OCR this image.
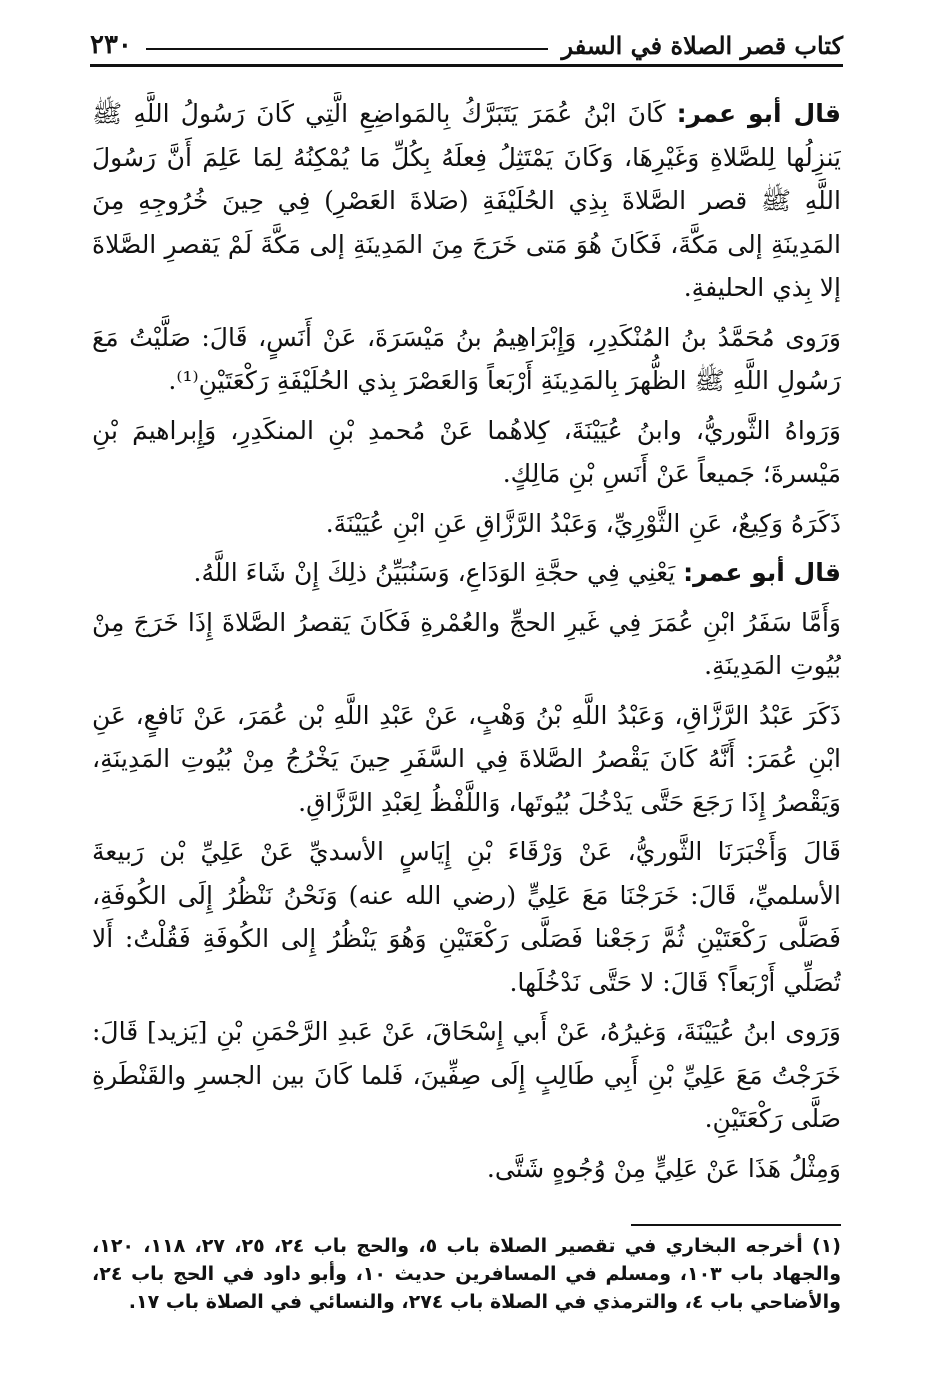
كتاب قصر الصلاة في السفر
٢٣٠

قال أبو عمر: كَانَ ابْنُ عُمَرَ يَتَبَرَّكُ بِالمَواضِعِ الَّتِي كَانَ رَسُولُ اللَّهِ ﷺ يَنزِلُها لِلصَّلاةِ وَغَيْرِهَا، وَكَانَ يَمْتَثِلُ فِعلَهُ بِكُلِّ مَا يُمْكِنُهُ لِمَا عَلِمَ أَنَّ رَسُولَ اللَّهِ ﷺ قصر الصَّلاةَ بِذِي الحُلَيْفَةِ (صَلاةَ العَصْرِ) فِي حِينَ خُرُوجِهِ مِنَ المَدِينَةِ إلى مَكَّةَ، فَكَانَ هُوَ مَتى خَرَجَ مِنَ المَدِينَةِ إلى مَكَّةَ لَمْ يَقصرِ الصَّلاةَ إلا بِذي الحليفةِ.

وَرَوى مُحَمَّدُ بنُ المُنْكَدِرِ، وَإِبْرَاهِيمُ بنُ مَيْسَرَةَ، عَنْ أَنَسٍ، قَالَ: صَلَّيْتُ مَعَ رَسُولِ اللَّهِ ﷺ الظُّهرَ بِالمَدِينَةِ أَرْبَعاً وَالعَصْرَ بِذي الحُلَيْفَةِ رَكْعَتَيْنِ⁽¹⁾.

وَرَواهُ الثَّوريُّ، وابنُ عُيَيْنَةَ، كِلاهُما عَنْ مُحمدِ بْنِ المنكَدِرِ، وَإِبراهيمَ بْنِ مَيْسرةَ؛ جَميعاً عَنْ أَنَسِ بْنِ مَالِكٍ.

ذَكَرَهُ وَكِيعٌ، عَنِ الثَّوْرِيِّ، وَعَبْدُ الرَّزَّاقِ عَنِ ابْنِ عُيَيْنَةَ.

قال أبو عمر: يَعْنِي فِي حجَّةِ الوَدَاعِ، وَسَنُبَيِّنُ ذلِكَ إِنْ شَاءَ اللَّهُ.

وَأَمَّا سَفَرُ ابْنِ عُمَرَ فِي غَيرِ الحجِّ والعُمْرةِ فَكَانَ يَقصرُ الصَّلاةَ إِذَا خَرَجَ مِنْ بُيُوتِ المَدِينَةِ.

ذَكَرَ عَبْدُ الرَّزَّاقِ، وَعَبْدُ اللَّهِ بْنُ وَهْبٍ، عَنْ عَبْدِ اللَّهِ بْن عُمَرَ، عَنْ نَافعٍ، عَنِ ابْنِ عُمَرَ: أَنَّهُ كَانَ يَقْصرُ الصَّلاةَ فِي السَّفَرِ حِينَ يَخْرُجُ مِنْ بُيُوتِ المَدِينَةِ، وَيَقْصرُ إِذَا رَجَعَ حَتَّى يَدْخُلَ بُيُوتَها، وَاللَّفْظُ لِعَبْدِ الرَّزَّاقِ.

قَالَ وَأَخْبَرَنَا الثَّوريُّ، عَنْ وَرْقَاءَ بْنِ إِيَاسٍ الأسديِّ عَنْ عَلِيِّ بْن رَبيعةَ الأسلميِّ، قَالَ: خَرَجْنَا مَعَ عَلِيٍّ (رضي الله عنه) وَنَحْنُ نَنْظُرُ إِلَى الكُوفَةِ، فَصَلَّى رَكْعَتَيْنِ ثُمَّ رَجَعْنا فَصَلَّى رَكْعَتَيْنِ وَهُوَ يَنْظُرُ إِلى الكُوفَةِ فَقُلْتُ: أَلا تُصَلِّي أَرْبَعاً؟ قَالَ: لا حَتَّى نَدْخُلَها.

وَرَوى ابنُ عُيَيْنَةَ، وَغيرُهُ، عَنْ أَبي إِسْحَاقَ، عَنْ عَبدِ الرَّحْمَنِ بْنِ [يَزيد] قَالَ: خَرَجْتُ مَعَ عَلِيِّ بْنِ أَبِي طَالِبٍ إِلَى صِفِّينَ، فَلما كَانَ بين الجسرِ والقَنْطَرةِ صَلَّى رَكْعَتَيْنِ.

وَمِثْلُ هَذَا عَنْ عَلِيٍّ مِنْ وُجُوهٍ شَتَّى.

(١) أخرجه البخاري في تقصير الصلاة باب ٥، والحج باب ٢٤، ٢٥، ٢٧، ١١٨، ١٢٠، والجهاد باب ١٠٣، ومسلم في المسافرين حديث ١٠، وأبو داود في الحج باب ٢٤، والأضاحي باب ٤، والترمذي في الصلاة باب ٢٧٤، والنسائي في الصلاة باب ١٧.
